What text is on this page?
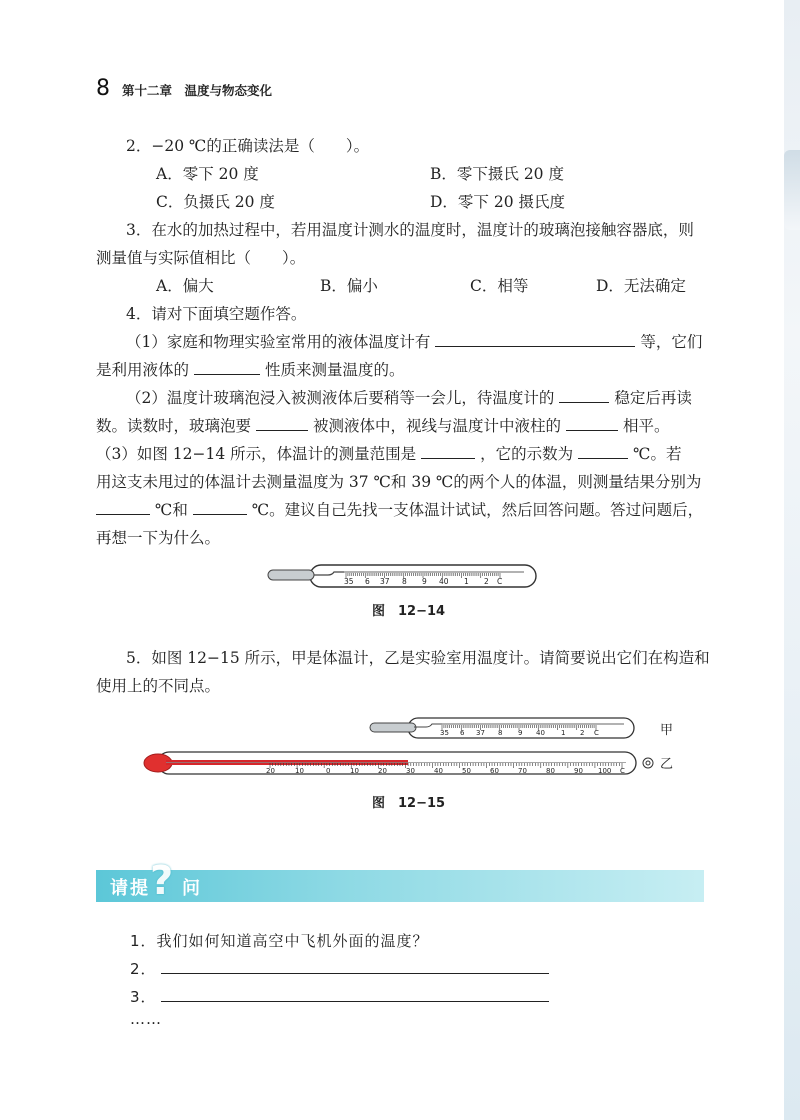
8 第十二章　温度与物态变化
2．−20 ℃的正确读法是（　　）。
A．零下 20 度	B．零下摄氏 20 度
C．负摄氏 20 度	D．零下 20 摄氏度
3．在水的加热过程中，若用温度计测水的温度时，温度计的玻璃泡接触容器底，则
测量值与实际值相比（　　）。
A．偏大	B．偏小	C．相等	D．无法确定
4．请对下面填空题作答。
（1）家庭和物理实验室常用的液体温度计有	等，它们
是利用液体的	性质来测量温度的。
（2）温度计玻璃泡浸入被测液体后要稍等一会儿，待温度计的	稳定后再读
数。读数时，玻璃泡要	被测液体中，视线与温度计中液柱的	相平。
（3）如图 12−14 所示，体温计的测量范围是	，它的示数为	℃。若
用这支未甩过的体温计去测量温度为 37 ℃和 39 ℃的两个人的体温，则测量结果分别为
℃和	℃。建议自己先找一支体温计试试，然后回答问题。答过问题后，
再想一下为什么。
35 6 37 8 9 40 1 2 C
图　12−14
5．如图 12−15 所示，甲是体温计，乙是实验室用温度计。请简要说出它们在构造和
使用上的不同点。
35 6 37 8 9 40 1 2 C	甲
20	10	0	10	20	30	40	50	60	70	80	90 100 C	乙
图　12−15
请提 ? 问
1．我们如何知道高空中飞机外面的温度？
2．
3．
……
